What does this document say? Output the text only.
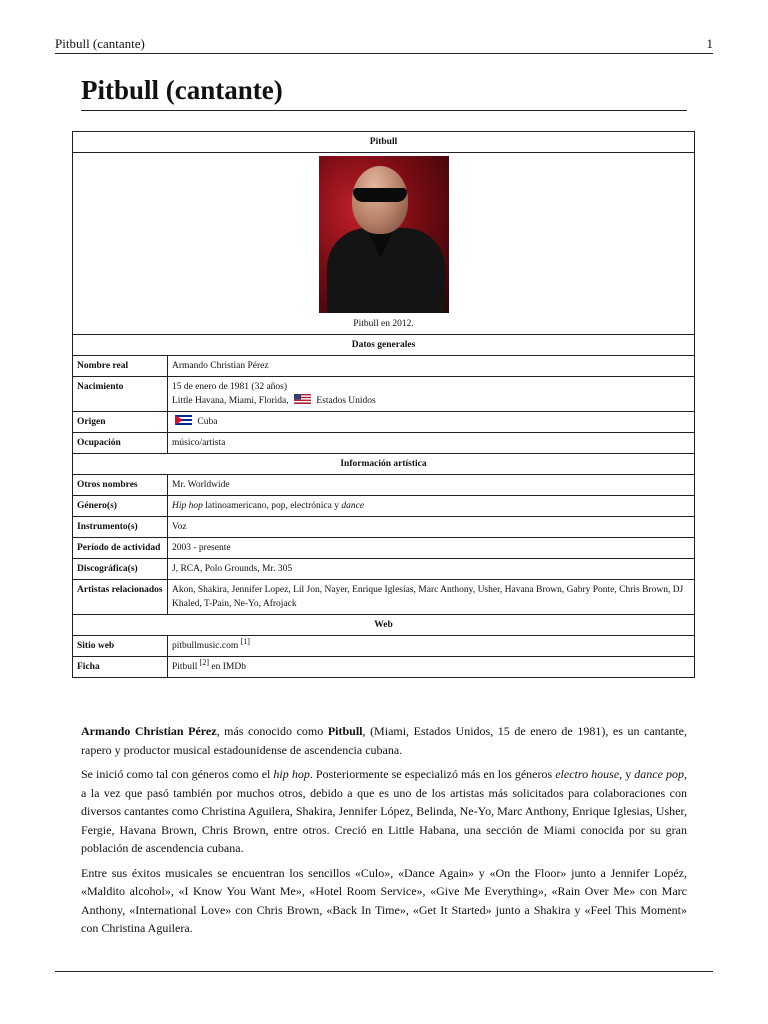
Pitbull (cantante)	1
Pitbull (cantante)
Pitbull	

Pitbull en 2012.	

Datos generales	
Nombre real	Armando Christian Pérez
Nacimiento	15 de enero de 1981 (32 años)
Little Havana, Miami, Florida, Estados Unidos
Origen	Cuba
Ocupación	músico/artista
Información artística	
Otros nombres	Mr. Worldwide
Género(s)	Hip hop latinoamericano, pop, electrónica y dance
Instrumento(s)	Voz
Período de actividad	2003 - presente
Discográfica(s)	J, RCA, Polo Grounds, Mr. 305
Artistas relacionados	Akon, Shakira, Jennifer Lopez, Lil Jon, Nayer, Enrique Iglesias, Marc Anthony, Usher, Havana Brown, Gabry Ponte, Chris Brown, DJ Khaled, T-Pain, Ne-Yo, Afrojack
Web	
Sitio web	pitbullmusic.com [1]
Ficha	Pitbull [2] en IMDb

Armando Christian Pérez, más conocido como Pitbull, (Miami, Estados Unidos, 15 de enero de 1981), es un cantante, rapero y productor musical estadounidense de ascendencia cubana.

Se inició como tal con géneros como el hip hop. Posteriormente se especializó más en los géneros electro house, y dance pop, a la vez que pasó también por muchos otros, debido a que es uno de los artistas más solicitados para colaboraciones con diversos cantantes como Christina Aguilera, Shakira, Jennifer López, Belinda, Ne-Yo, Marc Anthony, Enrique Iglesias, Usher, Fergie, Havana Brown, Chris Brown, entre otros. Creció en Little Habana, una sección de Miami conocida por su gran población de ascendencia cubana.

Entre sus éxitos musicales se encuentran los sencillos «Culo», «Dance Again» y «On the Floor» junto a Jennifer Lopéz, «Maldito alcohol», «I Know You Want Me», «Hotel Room Service», «Give Me Everything», «Rain Over Me» con Marc Anthony, «International Love» con Chris Brown, «Back In Time», «Get It Started» junto a Shakira y «Feel This Moment» con Christina Aguilera.
